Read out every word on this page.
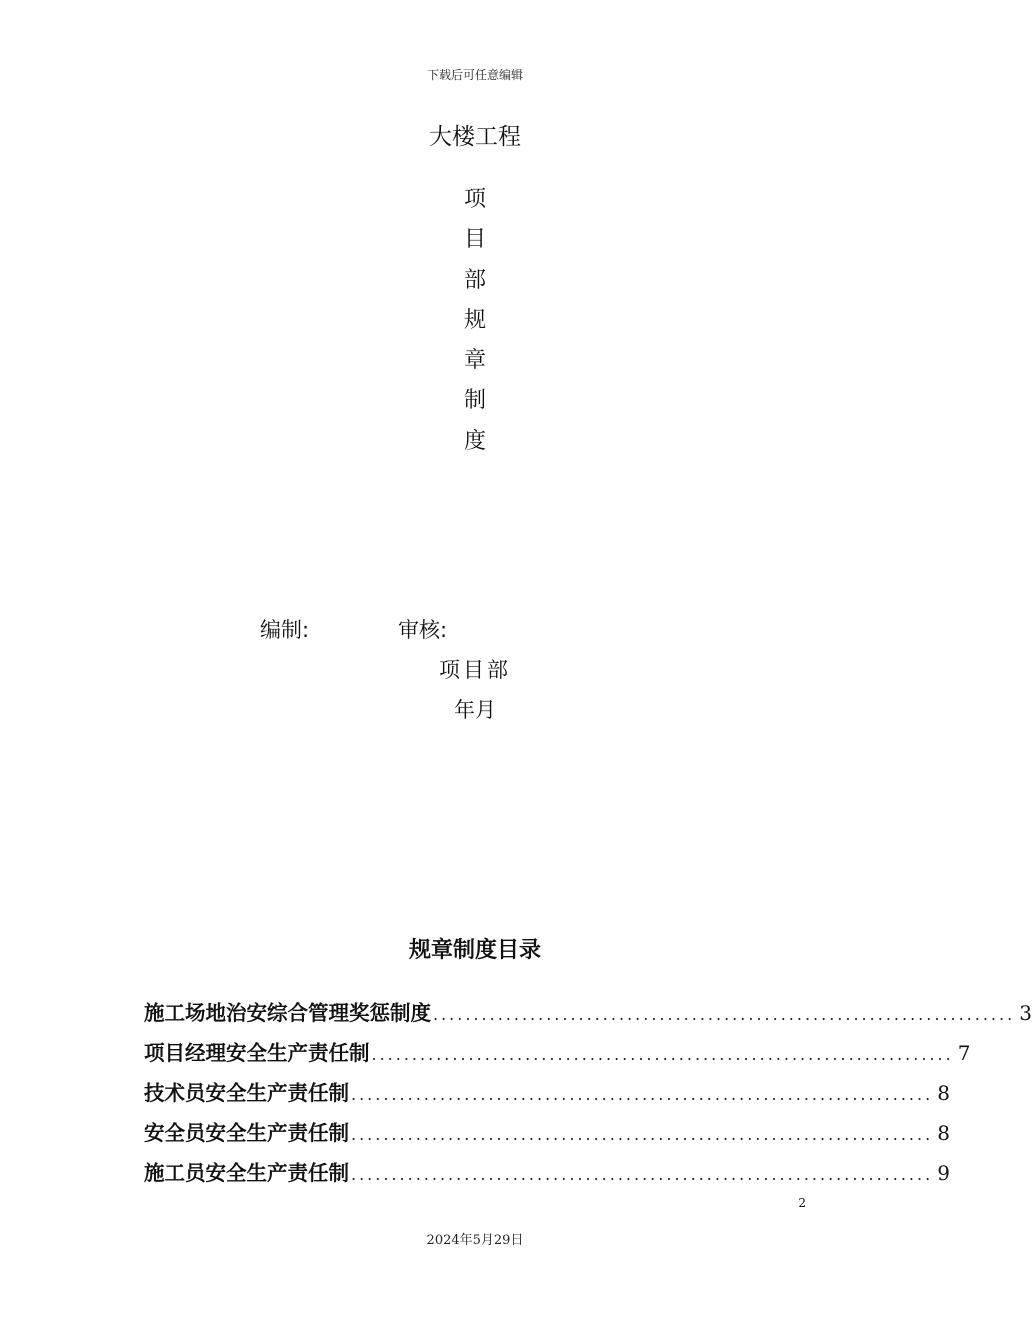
下载后可任意编辑
大楼工程
项
目
部
规
章
制
度
编制:	审核:
项目部
年月
规章制度目录
施工场地治安综合管理奖惩制度 ........................................................................ 3
项目经理安全生产责任制 ........................................................................ 7
技术员安全生产责任制 ........................................................................ 8
安全员安全生产责任制 ........................................................................ 8
施工员安全生产责任制 ........................................................................ 9
2
2024年5月29日
